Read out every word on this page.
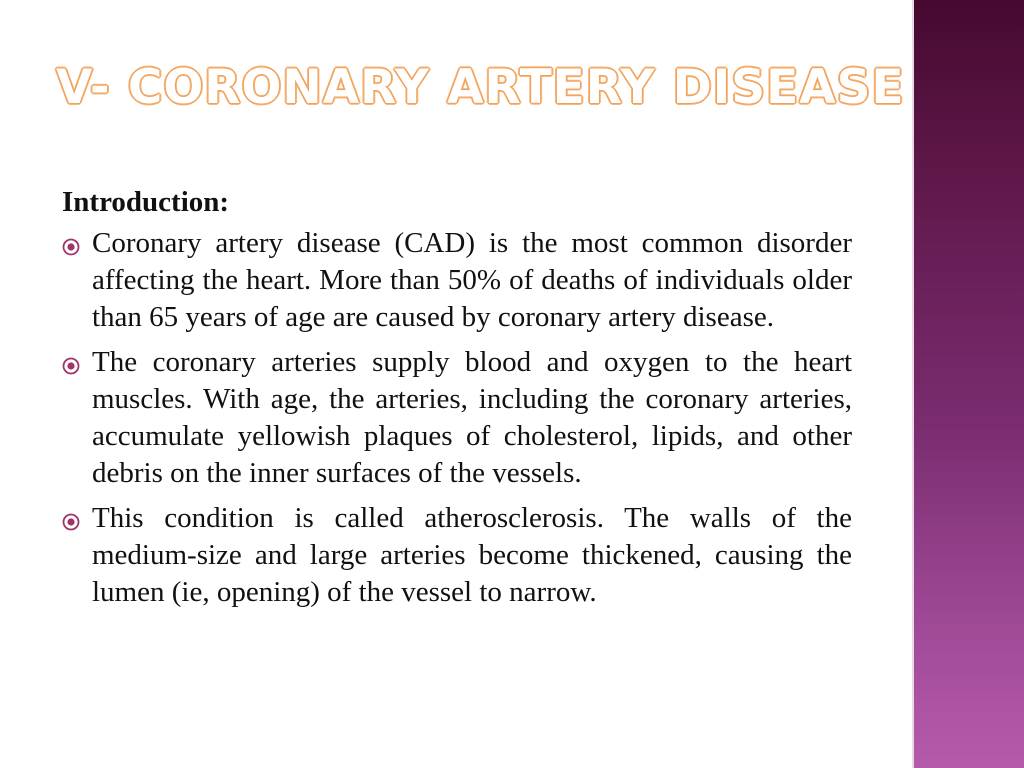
V- CORONARY ARTERY DISEASE

Introduction:

Coronary artery disease (CAD) is the most common disorder affecting the heart. More than 50% of deaths of individuals older than 65 years of age are caused by coronary artery disease.
The coronary arteries supply blood and oxygen to the heart muscles. With age, the arteries, including the coronary arteries, accumulate yellowish plaques of cholesterol, lipids, and other debris on the inner surfaces of the vessels.
This condition is called atherosclerosis. The walls of the medium-size and large arteries become thickened, causing the lumen (ie, opening) of the vessel to narrow.
